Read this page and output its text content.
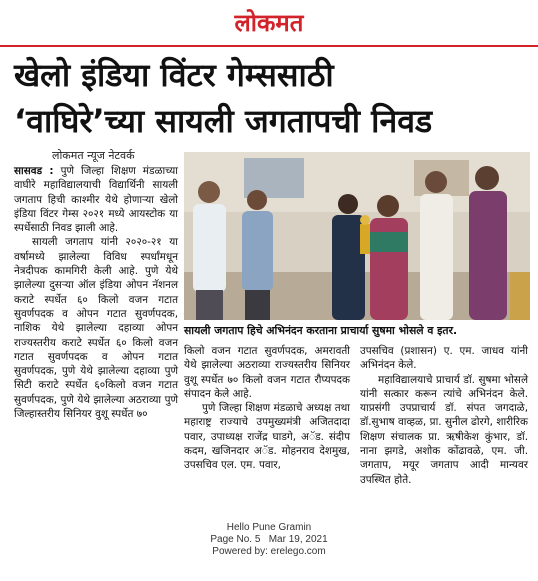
लोकमत
खेलो इंडिया विंटर गेम्ससाठी
‘वाघिरे’च्या सायली जगतापची निवड
लोकमत न्यूज नेटवर्क

सासवड : पुणे जिल्हा शिक्षण मंडळाच्या वाघीरे महाविद्यालयाची विद्यार्थिनी सायली जगताप हिची काश्मीर येथे होणाऱ्या खेलो इंडिया विंटर गेम्स २०२१ मध्ये आयस्टोक या स्पर्धेसाठी निवड झाली आहे.

सायली जगताप यांनी २०२०-२१ या वर्षामध्ये झालेल्या विविध स्पर्धांमधून नेत्रदीपक कामगिरी केली आहे. पुणे येथे झालेल्या दुसऱ्या ऑल इंडिया ओपन नॅशनल कराटे स्पर्धेत ६० किलो वजन गटात सुवर्णपदक व ओपन गटात सुवर्णपदक, नाशिक येथे झालेल्या दहाव्या ओपन राज्यस्तरीय कराटे स्पर्धेत ६० किलो वजन गटात सुवर्णपदक व ओपन गटात सुवर्णपदक, पुणे येथे झालेल्या दहाव्या पुणे सिटी कराटे स्पर्धेत ६०किलो वजन गटात सुवर्णपदक, पुणे येथे झालेल्या अठराव्या पुणे जिल्हास्तरीय सिनियर वुशू स्पर्धेत ७०

सायली जगताप हिचे अभिनंदन करताना प्राचार्या सुषमा भोसले व इतर.

किलो वजन गटात सुवर्णपदक, अमरावती येथे झालेल्या अठराव्या राज्यस्तरीय सिनियर वुशू स्पर्धेत ७० किलो वजन गटात रौप्यपदक संपादन केले आहे.

पुणे जिल्हा शिक्षण मंडळाचे अध्यक्ष तथा महाराष्ट्र राज्याचे उपमुख्यमंत्री अजितदादा पवार, उपाध्यक्ष राजेंद्र घाडगे, अॅड. संदीप कदम, खजिनदार अॅड. मोहनराव देशमुख, उपसचिव एल. एम. पवार,

उपसचिव (प्रशासन) ए. एम. जाधव यांनी अभिनंदन केले.

महाविद्यालयाचे प्राचार्य डॉ. सुषमा भोसले यांनी सत्कार करून त्यांचे अभिनंदन केले. याप्रसंगी उपप्राचार्य डॉ. संपत जगदाळे, डॉ.सुभाष वाव्हळ, प्रा. सुनील ढोरगे, शारीरिक शिक्षण संचालक प्रा. ऋषीकेश कुंभार, डॉ. नाना झगडे, अशोक कोंढावळे, एम. जी. जगताप, मयूर जगताप आदी मान्यवर उपस्थित होते.

Hello Pune Gramin
Page No. 5   Mar 19, 2021
Powered by: erelego.com
